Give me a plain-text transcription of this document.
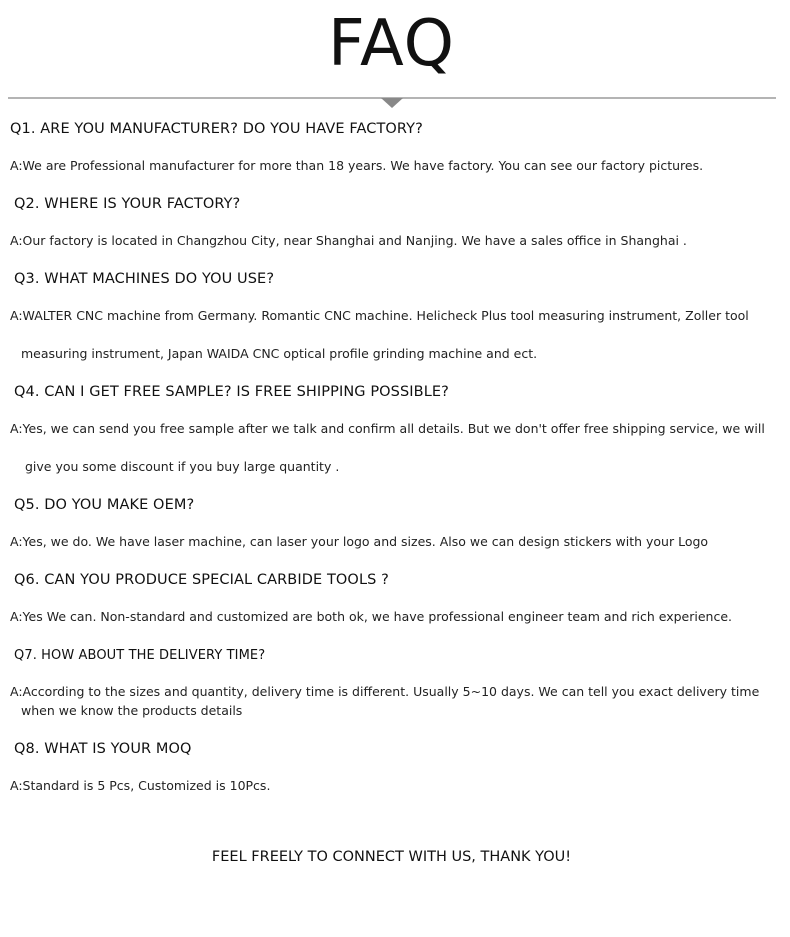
FAQ
Q1. ARE YOU MANUFACTURER? DO YOU HAVE FACTORY?
A:We are Professional manufacturer for more than 18 years. We have factory. You can see our factory pictures.
Q2. WHERE IS YOUR FACTORY?
A:Our factory is located in Changzhou City, near Shanghai and Nanjing. We have a sales office in Shanghai .
Q3. WHAT MACHINES DO YOU USE?
A:WALTER CNC machine from Germany. Romantic CNC machine. Helicheck Plus tool measuring instrument, Zoller tool
measuring instrument, Japan WAIDA CNC optical profile grinding machine and ect.
Q4. CAN I GET FREE SAMPLE? IS FREE SHIPPING POSSIBLE?
A:Yes, we can send you free sample after we talk and confirm all details. But we don't offer free shipping service, we will
give you some discount if you buy large quantity .
Q5. DO YOU MAKE OEM?
A:Yes, we do. We have laser machine, can laser your logo and sizes. Also we can design stickers with your Logo
Q6. CAN YOU PRODUCE SPECIAL CARBIDE TOOLS ?
A:Yes We can. Non-standard and customized are both ok, we have professional engineer team and rich experience.
Q7. HOW ABOUT THE DELIVERY TIME?
A:According to the sizes and quantity, delivery time is different. Usually 5~10 days. We can tell you exact delivery time
when we know the products details
Q8. WHAT IS YOUR MOQ
A:Standard is 5 Pcs, Customized is 10Pcs.
FEEL FREELY TO CONNECT WITH US, THANK YOU!
